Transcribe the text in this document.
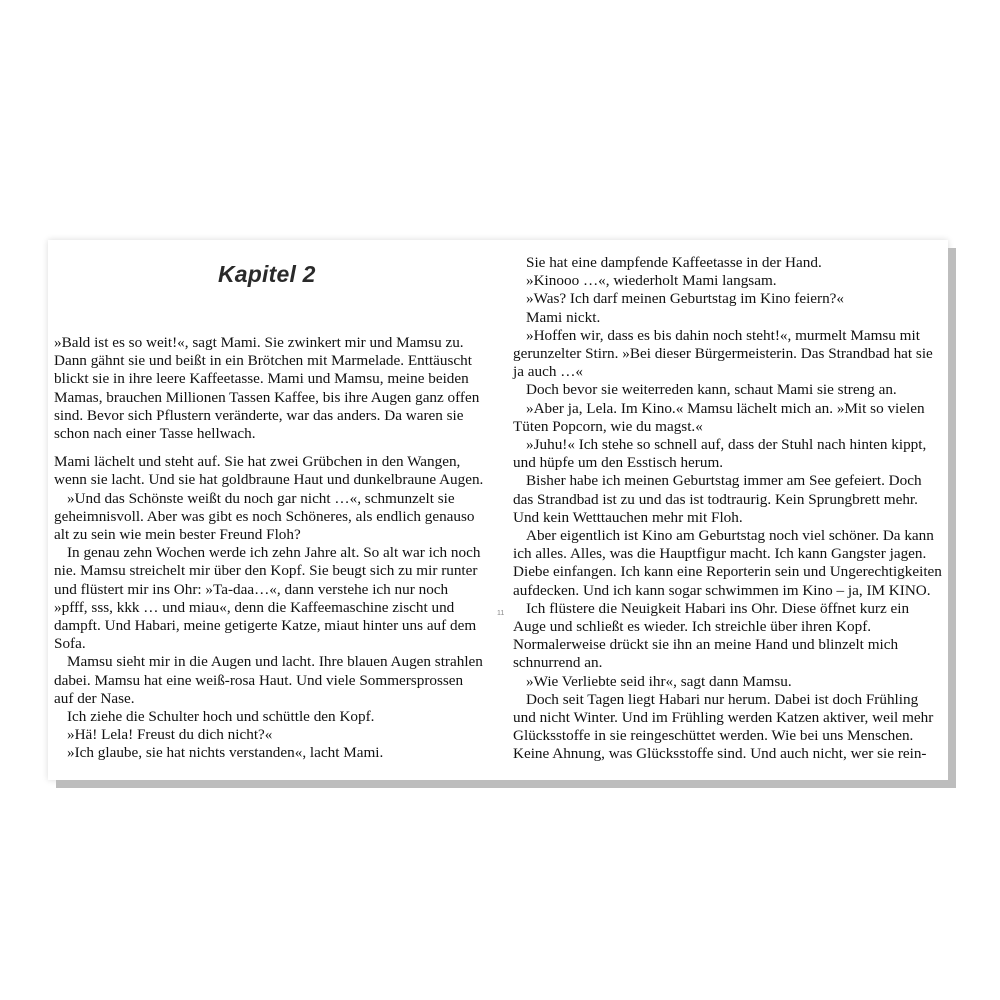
Kapitel 2

»Bald ist es so weit!«, sagt Mami. Sie zwinkert mir und Mamsu zu. Dann gähnt sie und beißt in ein Brötchen mit Marmelade. Enttäuscht blickt sie in ihre leere Kaffeetasse. Mami und Mamsu, meine beiden Mamas, brauchen Millionen Tassen Kaffee, bis ihre Augen ganz offen sind. Bevor sich Pflustern veränderte, war das anders. Da waren sie schon nach einer Tasse hellwach.

Mami lächelt und steht auf. Sie hat zwei Grübchen in den Wangen, wenn sie lacht. Und sie hat goldbraune Haut und dunkelbraune Augen.

»Und das Schönste weißt du noch gar nicht …«, schmunzelt sie geheimnisvoll. Aber was gibt es noch Schöneres, als endlich genauso alt zu sein wie mein bester Freund Floh?

In genau zehn Wochen werde ich zehn Jahre alt. So alt war ich noch nie. Mamsu streichelt mir über den Kopf. Sie beugt sich zu mir runter und flüstert mir ins Ohr: »Ta-daa…«, dann verstehe ich nur noch »pfff, sss, kkk … und miau«, denn die Kaffeemaschine zischt und dampft. Und Habari, meine getigerte Katze, miaut hinter uns auf dem Sofa.

Mamsu sieht mir in die Augen und lacht. Ihre blauen Augen strahlen dabei. Mamsu hat eine weiß-rosa Haut. Und viele Sommersprossen auf der Nase.

Ich ziehe die Schulter hoch und schüttle den Kopf.

»Hä! Lela! Freust du dich nicht?«

»Ich glaube, sie hat nichts verstanden«, lacht Mami.

11

Sie hat eine dampfende Kaffeetasse in der Hand.

»Kinooo …«, wiederholt Mami langsam.

»Was? Ich darf meinen Geburtstag im Kino feiern?«

Mami nickt.

»Hoffen wir, dass es bis dahin noch steht!«, murmelt Mamsu mit gerunzelter Stirn. »Bei dieser Bürgermeisterin. Das Strandbad hat sie ja auch …«

Doch bevor sie weiterreden kann, schaut Mami sie streng an.

»Aber ja, Lela. Im Kino.« Mamsu lächelt mich an. »Mit so vielen Tüten Popcorn, wie du magst.«

»Juhu!« Ich stehe so schnell auf, dass der Stuhl nach hinten kippt, und hüpfe um den Esstisch herum.

Bisher habe ich meinen Geburtstag immer am See gefeiert. Doch das Strandbad ist zu und das ist todtraurig. Kein Sprungbrett mehr. Und kein Wetttauchen mehr mit Floh.

Aber eigentlich ist Kino am Geburtstag noch viel schöner. Da kann ich alles. Alles, was die Hauptfigur macht. Ich kann Gangster jagen. Diebe einfangen. Ich kann eine Reporterin sein und Ungerechtigkeiten aufdecken. Und ich kann sogar schwimmen im Kino – ja, IM KINO.

Ich flüstere die Neuigkeit Habari ins Ohr. Diese öffnet kurz ein Auge und schließt es wieder. Ich streichle über ihren Kopf. Normalerweise drückt sie ihn an meine Hand und blinzelt mich schnurrend an.

»Wie Verliebte seid ihr«, sagt dann Mamsu.

Doch seit Tagen liegt Habari nur herum. Dabei ist doch Frühling und nicht Winter. Und im Frühling werden Katzen aktiver, weil mehr Glücksstoffe in sie reingeschüttet werden. Wie bei uns Menschen. Keine Ahnung, was Glücksstoffe sind. Und auch nicht, wer sie rein-
